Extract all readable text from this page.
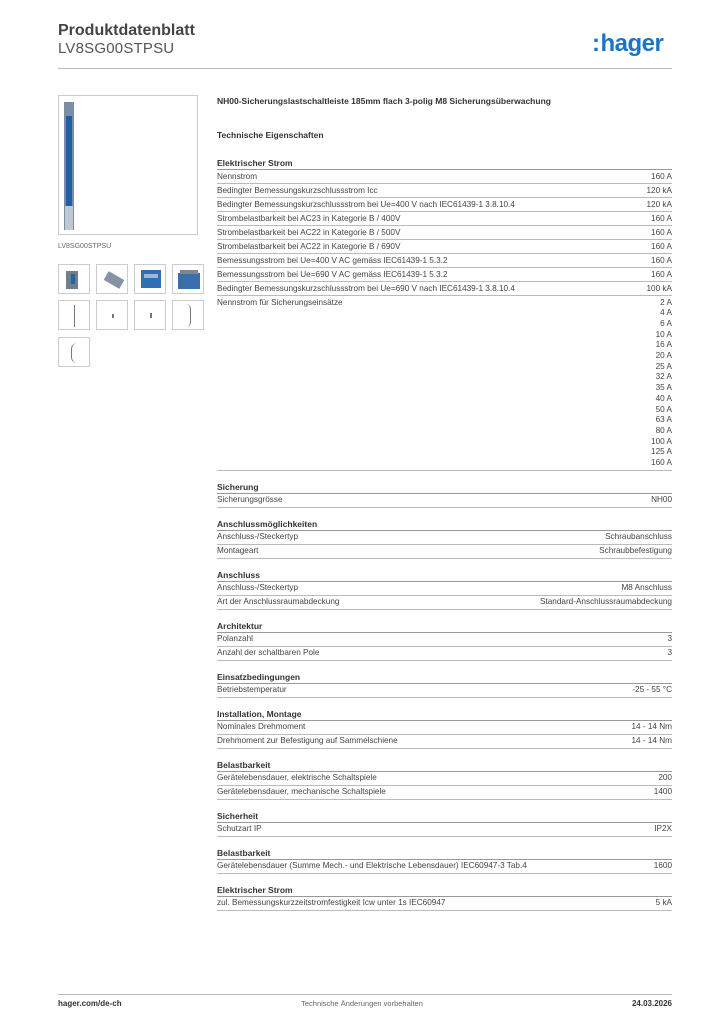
Produktdatenblatt
LV8SG00STPSU	:hager
LV8SG00STPSU
NH00-Sicherungslastschaltleiste 185mm flach 3-polig M8 Sicherungsüberwachung
Technische Eigenschaften
Elektrischer Strom
Nennstrom	160 A
Bedingter Bemessungskurzschlussstrom Icc	120 kA
Bedingter Bemessungskurzschlussstrom bei Ue=400 V nach IEC61439-1 3.8.10.4	120 kA
Strombelastbarkeit bei AC23 in Kategorie B / 400V	160 A
Strombelastbarkeit bei AC22 in Kategorie B / 500V	160 A
Strombelastbarkeit bei AC22 in Kategorie B / 690V	160 A
Bemessungsstrom bei Ue=400 V AC gemäss IEC61439-1 5.3.2	160 A
Bemessungsstrom bei Ue=690 V AC gemäss IEC61439-1 5.3.2	160 A
Bedingter Bemessungskurzschlussstrom bei Ue=690 V nach IEC61439-1 3.8.10.4	100 kA
Nennstrom für Sicherungseinsätze	2 A
4 A
6 A
10 A
16 A
20 A
25 A
32 A
35 A
40 A
50 A
63 A
80 A
100 A
125 A
160 A
Sicherung
Sicherungsgrösse	NH00
Anschlussmöglichkeiten
Anschluss-/Steckertyp	Schraubanschluss
Montageart	Schraubbefestigung
Anschluss
Anschluss-/Steckertyp	M8 Anschluss
Art der Anschlussraumabdeckung	Standard-Anschlussraumabdeckung
Architektur
Polanzahl	3
Anzahl der schaltbaren Pole	3
Einsatzbedingungen
Betriebstemperatur	-25 - 55 °C
Installation, Montage
Nominales Drehmoment	14 - 14 Nm
Drehmoment zur Befestigung auf Sammelschiene	14 - 14 Nm
Belastbarkeit
Gerätelebensdauer, elektrische Schaltspiele	200
Gerätelebensdauer, mechanische Schaltspiele	1400
Sicherheit
Schutzart IP	IP2X
Belastbarkeit
Gerätelebensdauer (Summe Mech.- und Elektrische Lebensdauer) IEC60947-3 Tab.4	1600
Elektrischer Strom
zul. Bemessungskurzzeitstromfestigkeit Icw unter 1s IEC60947	5 kA
hager.com/de-ch	Technische Änderungen vorbehalten	24.03.2026
